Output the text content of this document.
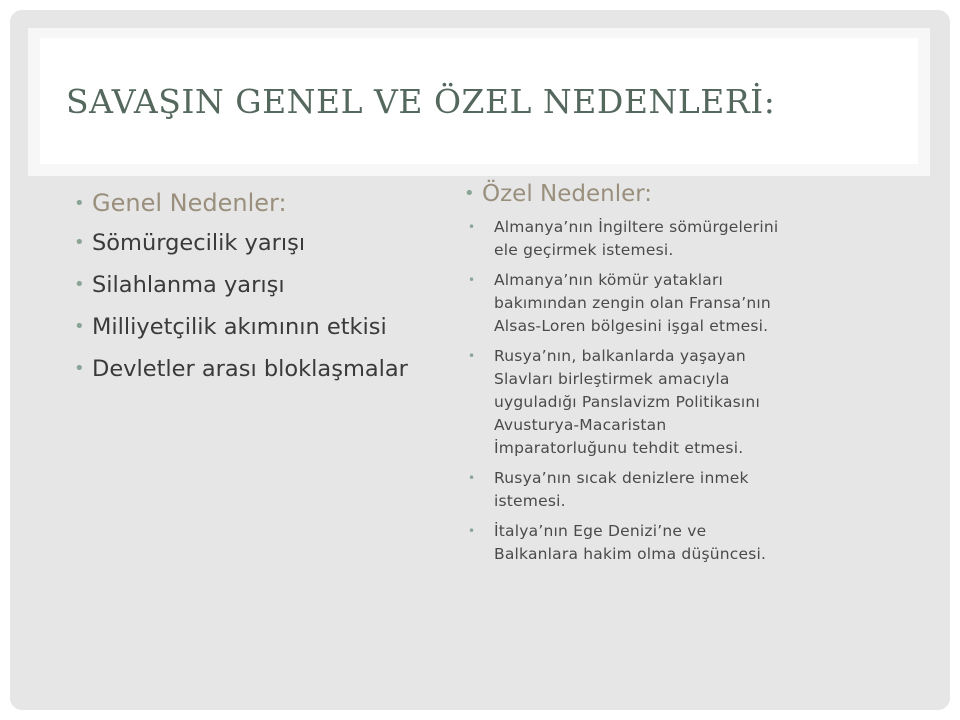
SAVAŞIN GENEL VE ÖZEL NEDENLERİ:
• Genel Nedenler:
• Sömürgecilik yarışı
• Silahlanma yarışı
• Milliyetçilik akımının etkisi
• Devletler arası bloklaşmalar
• Özel Nedenler:
• Almanya’nın İngiltere sömürgelerini ele geçirmek istemesi.
• Almanya’nın kömür yatakları bakımından zengin olan Fransa’nın Alsas-Loren bölgesini işgal etmesi.
• Rusya’nın, balkanlarda yaşayan Slavları birleştirmek amacıyla uyguladığı Panslavizm Politikasını Avusturya-Macaristan İmparatorluğunu tehdit etmesi.
• Rusya’nın sıcak denizlere inmek istemesi.
• İtalya’nın Ege Denizi’ne ve Balkanlara hakim olma düşüncesi.
